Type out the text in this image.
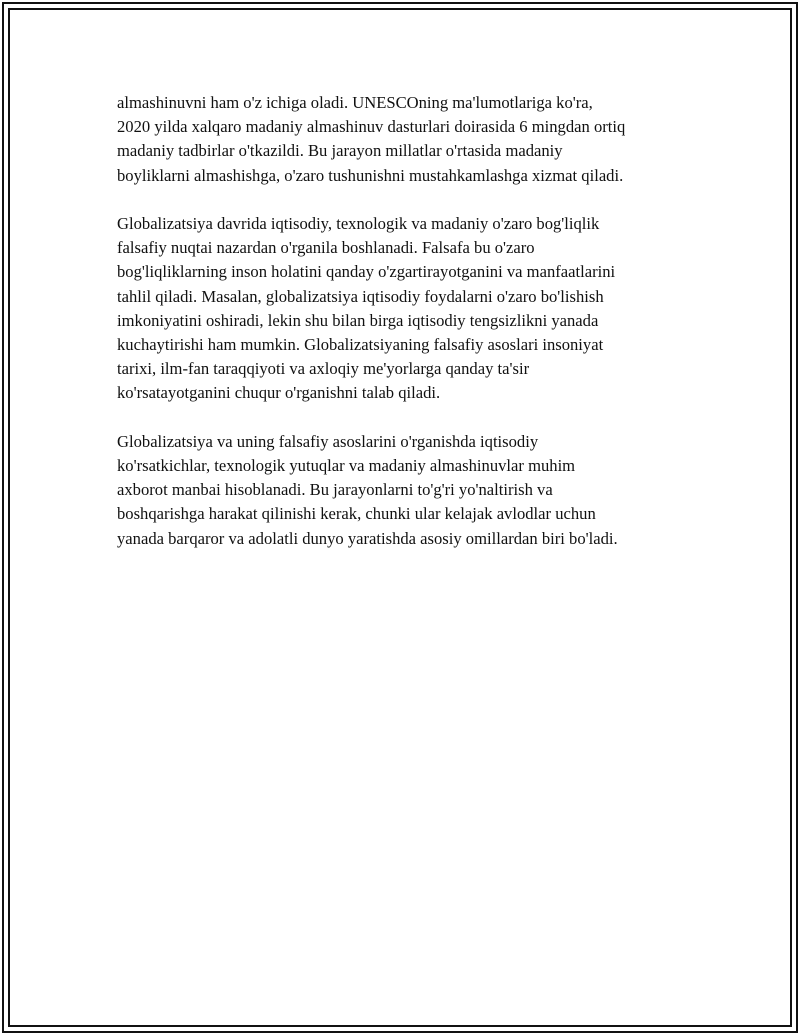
almashinuvni ham o'z ichiga oladi. UNESCOning ma'lumotlariga ko'ra,
2020 yilda xalqaro madaniy almashinuv dasturlari doirasida 6 mingdan ortiq
madaniy tadbirlar o'tkazildi. Bu jarayon millatlar o'rtasida madaniy
boyliklarni almashishga, o'zaro tushunishni mustahkamlashga xizmat qiladi.

Globalizatsiya davrida iqtisodiy, texnologik va madaniy o'zaro bog'liqlik
falsafiy nuqtai nazardan o'rganila boshlanadi. Falsafa bu o'zaro
bog'liqliklarning inson holatini qanday o'zgartirayotganini va manfaatlarini
tahlil qiladi. Masalan, globalizatsiya iqtisodiy foydalarni o'zaro bo'lishish
imkoniyatini oshiradi, lekin shu bilan birga iqtisodiy tengsizlikni yanada
kuchaytirishi ham mumkin. Globalizatsiyaning falsafiy asoslari insoniyat
tarixi, ilm-fan taraqqiyoti va axloqiy me'yorlarga qanday ta'sir
ko'rsatayotganini chuqur o'rganishni talab qiladi.

Globalizatsiya va uning falsafiy asoslarini o'rganishda iqtisodiy
ko'rsatkichlar, texnologik yutuqlar va madaniy almashinuvlar muhim
axborot manbai hisoblanadi. Bu jarayonlarni to'g'ri yo'naltirish va
boshqarishga harakat qilinishi kerak, chunki ular kelajak avlodlar uchun
yanada barqaror va adolatli dunyo yaratishda asosiy omillardan biri bo'ladi.
